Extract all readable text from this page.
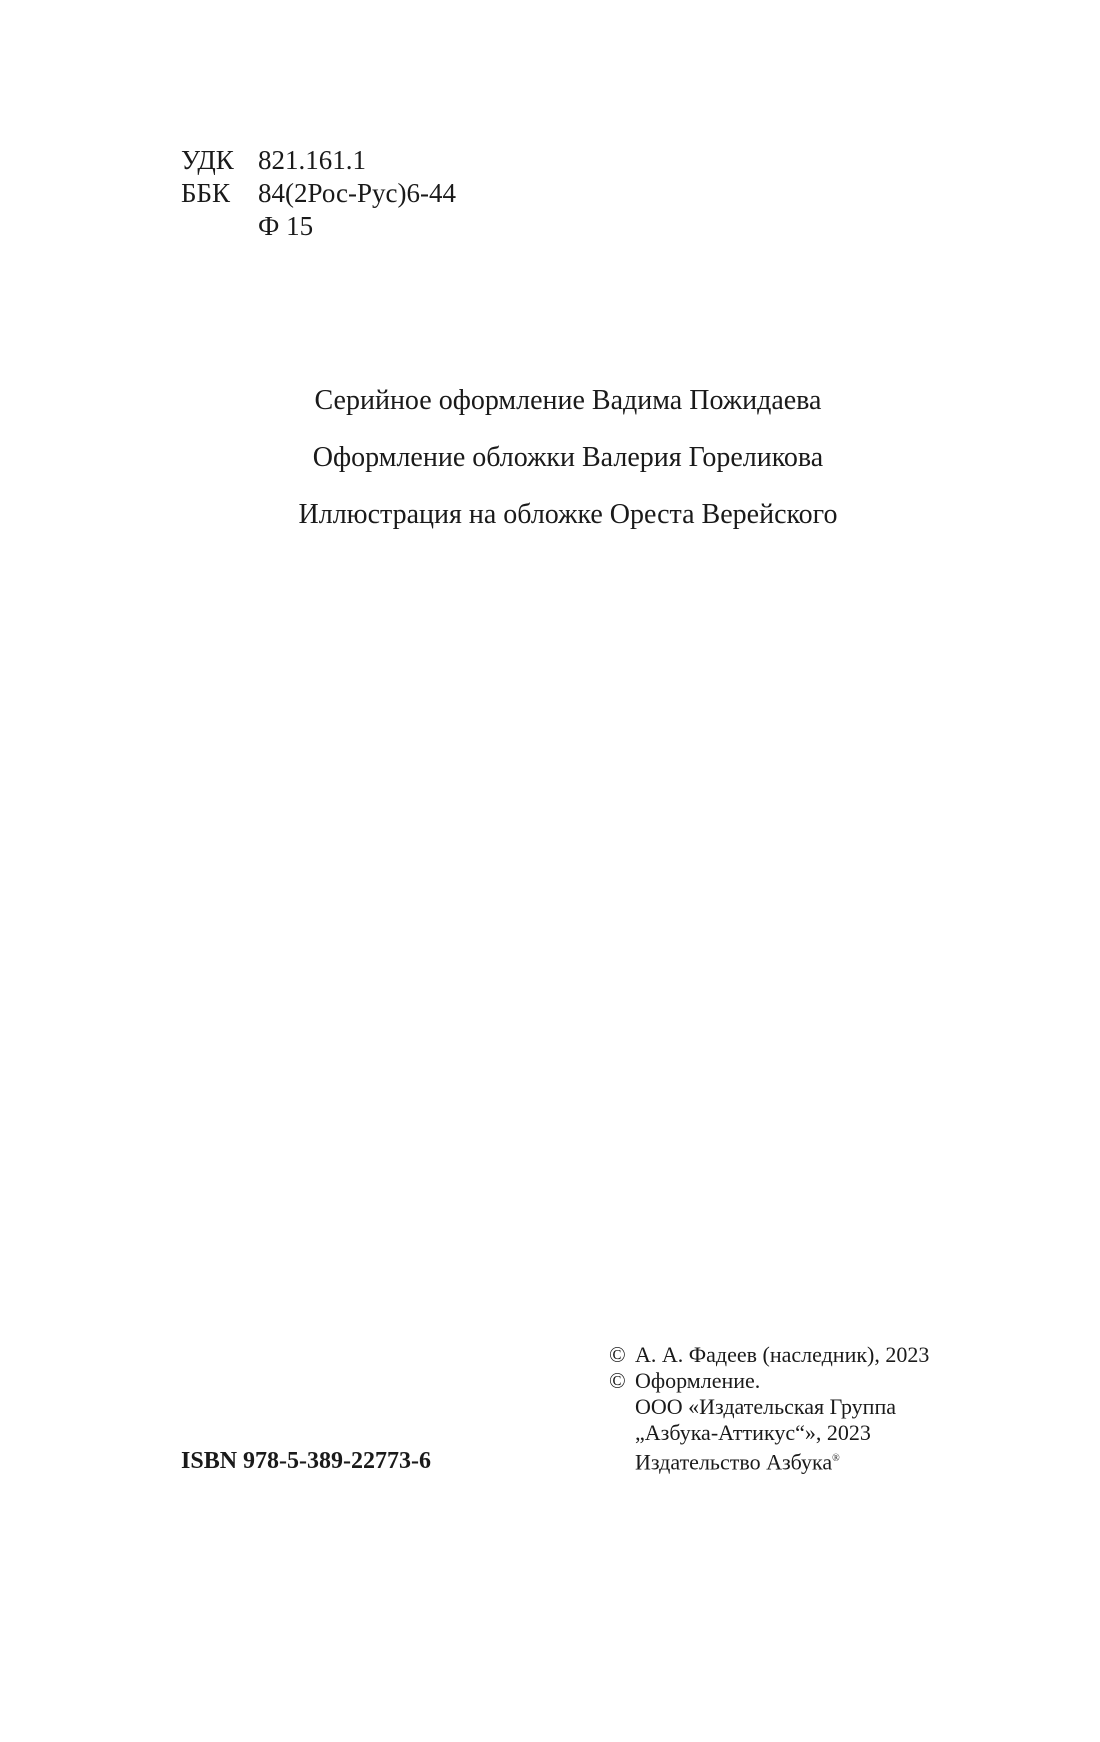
УДК 821.161.1
ББК	84(2Рос-Рус)6-44
Ф 15
Серийное оформление Вадима Пожидаева
Оформление обложки Валерия Гореликова
Иллюстрация на обложке Ореста Верейского
© А. А. Фадеев (наследник), 2023
© Оформление.
ООО «Издательская Группа
„Азбука-Аттикус“», 2023
Издательство Азбука®
ISBN 978-5-389-22773-6
